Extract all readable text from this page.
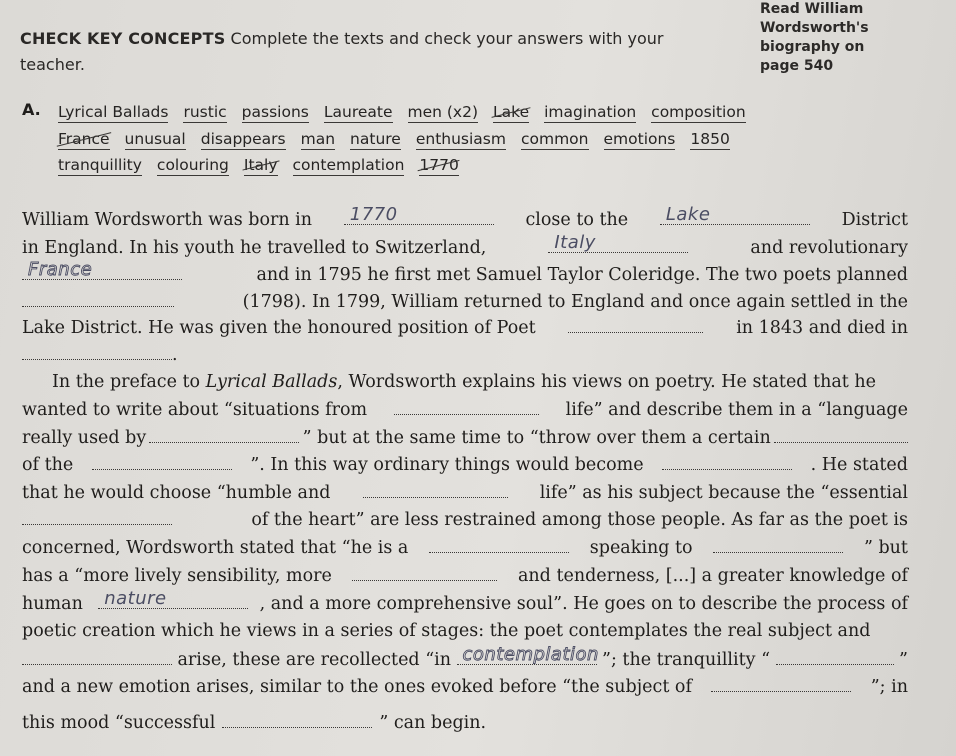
Read William
Wordsworth's
biography on
page 540
CHECK KEY CONCEPTS Complete the texts and check your answers with your
teacher.
A. Lyrical Ballads rustic passions Laureate men (x2) Lake imagination composition
France unusual disappears man nature enthusiasm common emotions 1850
tranquillity colouring Italy contemplation 1770
William Wordsworth was born in 1770	close to the Lake	District
in England. In his youth he travelled to Switzerland,	Italy	and revolutionary
France	and in 1795 he first met Samuel Taylor Coleridge. The two poets planned
(1798). In 1799, William returned to England and once again settled in the
Lake District. He was given the honoured position of Poet	in 1843 and died in
.
In the preface to
Lyrical Ballads , Wordsworth explains his views on poetry. He stated that he
wanted to write about “situations from	life” and describe them in a “language
really used by	” but at the same time to “throw over them a certain
of the	”. In this way ordinary things would become	. He stated
that he would choose “humble and	life” as his subject because the “essential
of the heart” are less restrained among those people. As far as the poet is
concerned, Wordsworth stated that “he is a	speaking to	” but
has a “more lively sensibility, more	and tenderness, [...] a greater knowledge of
human nature	, and a more comprehensive soul”. He goes on to describe the process of
poetic creation which he views in a series of stages: the poet contemplates the real subject and
arise, these are recollected “in contemplation ”; the tranquillity “	”
and a new emotion arises, similar to the ones evoked before “the subject of	”; in
this mood “successful	” can begin.
